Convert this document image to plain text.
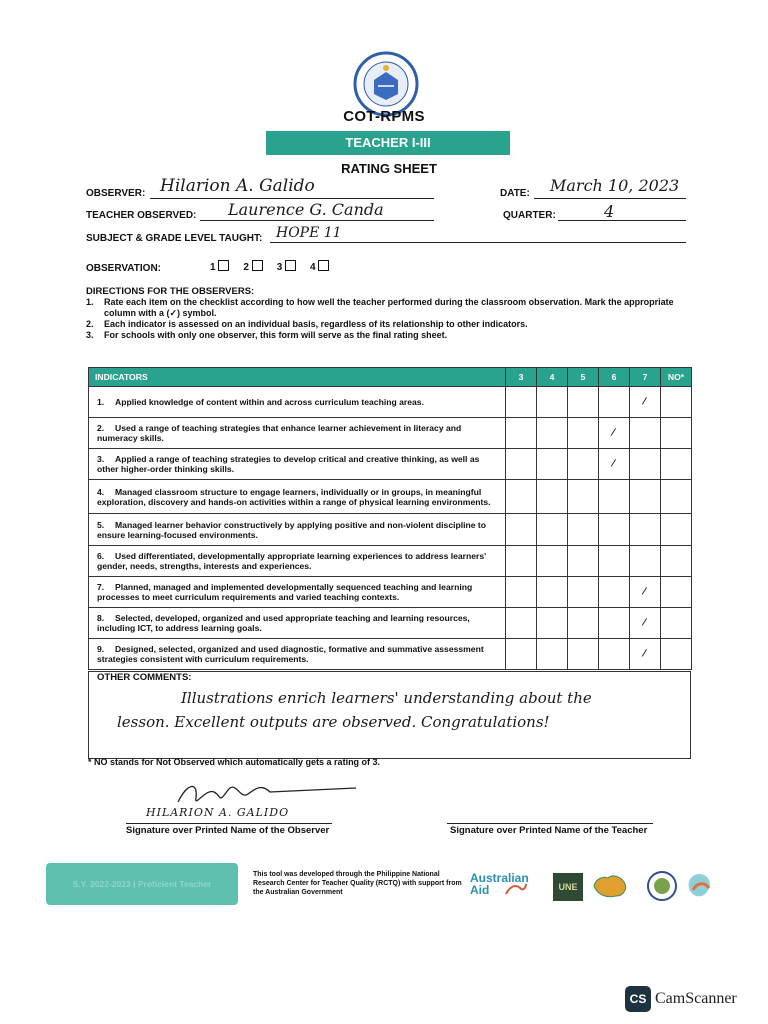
COT-RPMS
TEACHER I-III
RATING SHEET
OBSERVER: Hilarion A. Galido	DATE: March 10, 2023
TEACHER OBSERVED: Laurence G. Canda	QUARTER:	4
SUBJECT & GRADE LEVEL TAUGHT: HOPE 11
OBSERVATION:	1	2	3	4
DIRECTIONS FOR THE OBSERVERS:
1.	Rate each item on the checklist according to how well the teacher performed during the classroom observation. Mark the appropriate column with a (✓) symbol.
2.	Each indicator is assessed on an individual basis, regardless of its relationship to other indicators.
3.	For schools with only one observer, this form will serve as the final rating sheet.
INDICATORS	3	4	5	6	7	NO*
1. Applied knowledge of content within and across curriculum teaching areas.					⁄	
2. Used a range of teaching strategies that enhance learner achievement in literacy and numeracy skills.				⁄		
3. Applied a range of teaching strategies to develop critical and creative thinking, as well as other higher-order thinking skills.				⁄		
4. Managed classroom structure to engage learners, individually or in groups, in meaningful exploration, discovery and hands-on activities within a range of physical learning environments.						
5. Managed learner behavior constructively by applying positive and non-violent discipline to ensure learning-focused environments.						
6. Used differentiated, developmentally appropriate learning experiences to address learners' gender, needs, strengths, interests and experiences.						
7. Planned, managed and implemented developmentally sequenced teaching and learning processes to meet curriculum requirements and varied teaching contexts.					⁄	
8. Selected, developed, organized and used appropriate teaching and learning resources, including ICT, to address learning goals.					⁄	
9. Designed, selected, organized and used diagnostic, formative and summative assessment strategies consistent with curriculum requirements.					⁄	
OTHER COMMENTS:
Illustrations enrich learners' understanding about the
lesson. Excellent outputs are observed. Congratulations!
* NO stands for Not Observed which automatically gets a rating of 3.
HILARION A. GALIDO
Signature over Printed Name of the Observer	Signature over Printed Name of the Teacher
S.Y. 2022-2023 | Proficient Teacher
This tool was developed through the Philippine National Research Center for Teacher Quality (RCTQ) with support from the Australian Government
Australian
Aid	UNE
CS CamScanner
